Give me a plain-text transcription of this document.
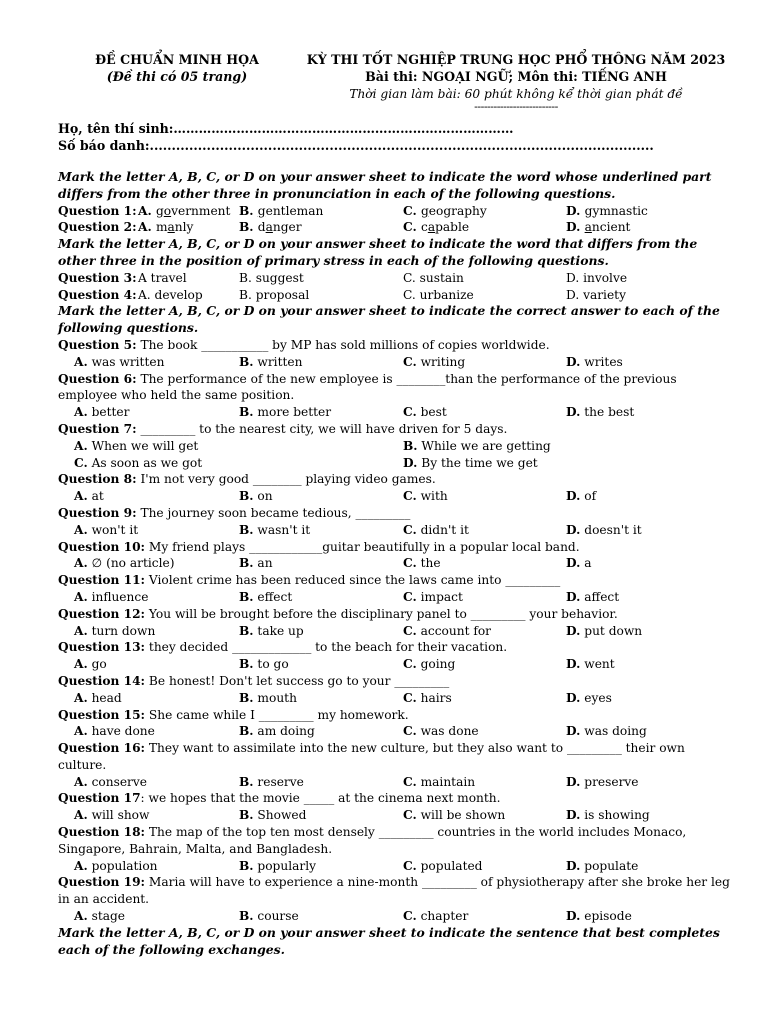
ĐỀ CHUẨN MINH HỌA
(Đề thi có 05 trang)
KỲ THI TỐT NGHIỆP TRUNG HỌC PHỔ THÔNG NĂM 2023
Bài thi: NGOẠI NGỮ; Môn thi: TIẾNG ANH
Thời gian làm bài: 60 phút không kể thời gian phát đề
--------------------------
Họ, tên thí sinh:………………………………………………………………………
Số báo danh:...................................................................................................................
Mark the letter A, B, C, or D on your answer sheet to indicate the word whose underlined part differs from the other three in pronunciation in each of the following questions.
Question 1: A. government B. gentleman	C. geography	D. gymnastic
Question 2: A. manly	B. danger	C. capable	D. ancient
Mark the letter A, B, C, or D on your answer sheet to indicate the word that differs from the other three in the position of primary stress in each of the following questions.
Question 3: A travel	B. suggest	C. sustain	D. involve
Question 4: A. develop	B. proposal	C. urbanize	D. variety
Mark the letter A, B, C, or D on your answer sheet to indicate the correct answer to each of the following questions.
Question 5: The book ___________ by MP has sold millions of copies worldwide.
A. was written	B. written	C. writing	D. writes
Question 6: The performance of the new employee is ________than the performance of the previous employee who held the same position.
A. better	B. more better	C. best	D. the best
Question 7: _________ to the nearest city, we will have driven for 5 days.
A. When we will get	B. While we are getting
C. As soon as we got	D. By the time we get
Question 8: I'm not very good ________ playing video games.
A. at	B. on	C. with	D. of
Question 9: The journey soon became tedious, _________
A. won't it	B. wasn't it	C. didn't it	D. doesn't it
Question 10: My friend plays ____________guitar beautifully in a popular local band.
A. ∅ (no article)	B. an	C. the	D. a
Question 11: Violent crime has been reduced since the laws came into _________
A. influence	B. effect	C. impact	D. affect
Question 12: You will be brought before the disciplinary panel to _________ your behavior.
A. turn down	B. take up	C. account for	D. put down
Question 13: they decided _____________ to the beach for their vacation.
A. go	B. to go	C. going	D. went
Question 14: Be honest! Don't let success go to your _________
A. head	B. mouth	C. hairs	D. eyes
Question 15: She came while I _________ my homework.
A. have done	B. am doing	C. was done	D. was doing
Question 16: They want to assimilate into the new culture, but they also want to _________ their own culture.
A. conserve	B. reserve	C. maintain	D. preserve
Question 17: we hopes that the movie _____ at the cinema next month.
A. will show	B. Showed	C. will be shown	D. is showing
Question 18: The map of the top ten most densely _________ countries in the world includes Monaco, Singapore, Bahrain, Malta, and Bangladesh.
A. population	B. popularly	C. populated	D. populate
Question 19: Maria will have to experience a nine-month _________ of physiotherapy after she broke her leg in an accident.
A. stage	B. course	C. chapter	D. episode
Mark the letter A, B, C, or D on your answer sheet to indicate the sentence that best completes each of the following exchanges.
